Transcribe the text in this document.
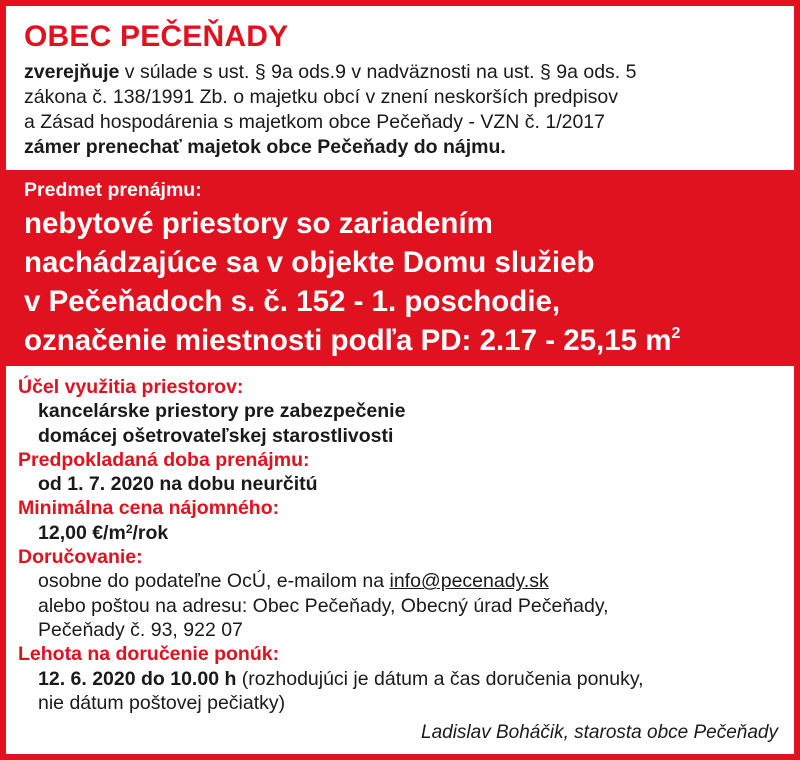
OBEC PEČEŇADY
zverejňuje v súlade s ust. § 9a ods.9 v nadväznosti na ust. § 9a ods. 5
zákona č. 138/1991 Zb. o majetku obcí v znení neskorších predpisov
a Zásad hospodárenia s majetkom obce Pečeňady - VZN č. 1/2017
zámer prenechať majetok obce Pečeňady do nájmu.
Predmet prenájmu:
nebytové priestory so zariadením
nachádzajúce sa v objekte Domu služieb
v Pečeňadoch s. č. 152 - 1. poschodie,
označenie miestnosti podľa PD: 2.17 - 25,15 $m^2$
Účel využitia priestorov:
kancelárske priestory pre zabezpečenie
domácej ošetrovateľskej starostlivosti
Predpokladaná doba prenájmu:
od 1. 7. 2020 na dobu neurčitú
Minimálna cena nájomného:
12,00 $€/m^2$/rok
Doručovanie:
osobne do podateľne OcÚ, e-mailom na info@pecenady.sk
alebo poštou na adresu: Obec Pečeňady, Obecný úrad Pečeňady,
Pečeňady č. 93, 922 07
Lehota na doručenie ponúk:
12. 6. 2020 do 10.00 h (rozhodujúci je dátum a čas doručenia ponuky,
nie dátum poštovej pečiatky)
Ladislav Boháčik, starosta obce Pečeňady
